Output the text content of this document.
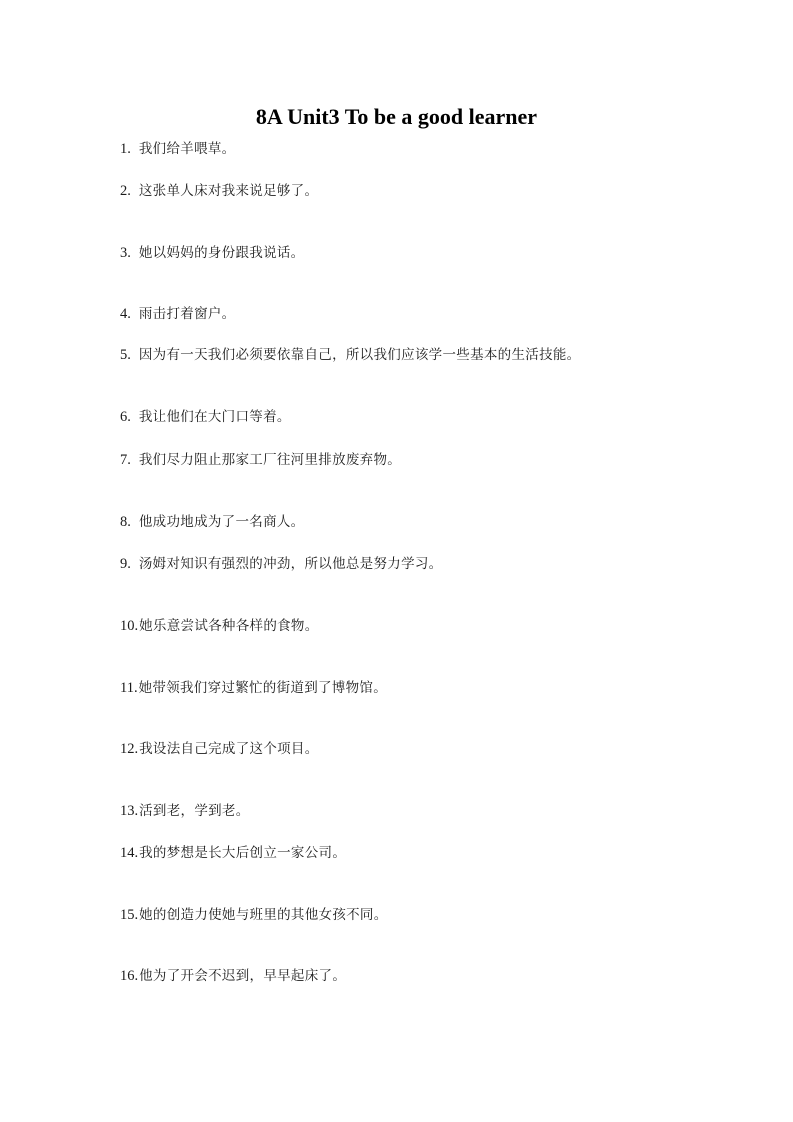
8A Unit3 To be a good learner
1. 我们给羊喂草。
2. 这张单人床对我来说足够了。
3. 她以妈妈的身份跟我说话。
4. 雨击打着窗户。
5. 因为有一天我们必须要依靠自己，所以我们应该学一些基本的生活技能。
6. 我让他们在大门口等着。
7. 我们尽力阻止那家工厂往河里排放废弃物。
8. 他成功地成为了一名商人。
9. 汤姆对知识有强烈的冲劲，所以他总是努力学习。
10. 她乐意尝试各种各样的食物。
11. 她带领我们穿过繁忙的街道到了博物馆。
12. 我设法自己完成了这个项目。
13. 活到老，学到老。
14. 我的梦想是长大后创立一家公司。
15. 她的创造力使她与班里的其他女孩不同。
16. 他为了开会不迟到，早早起床了。
